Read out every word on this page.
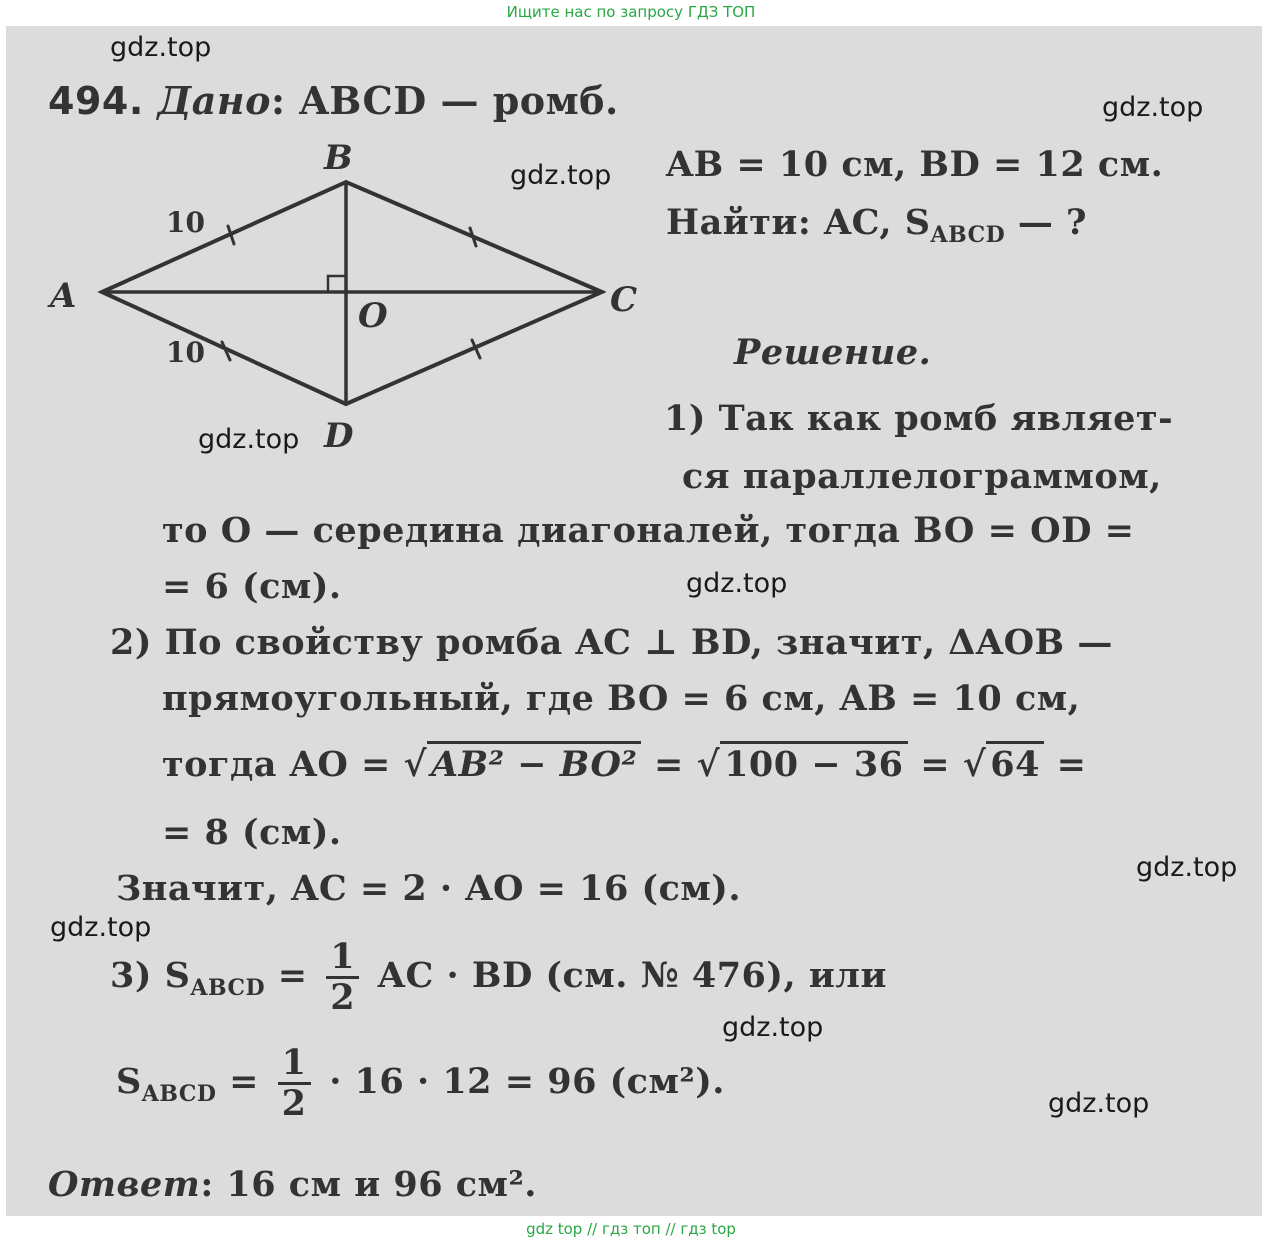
Ищите нас по запросу ГДЗ ТОП
gdz.top
gdz.top
gdz.top
gdz.top
gdz.top
gdz.top
gdz.top
gdz.top
gdz.top
494. Дано: ABCD — ромб.
B
A	C
O
D
10
10
AB = 10 см, BD = 12 см.
Найти: AC, $S_{ABCD}$ — ?
Решение.
1) Так как ромб являет-
ся параллелограммом,
то O — середина диагоналей, тогда BO = OD =
= 6 (см).
2) По свойству ромба AC ⊥ BD, значит, ΔAOB —
прямоугольный, где BO = 6 см, AB = 10 см,
тогда AO = √ AB² − BO² = √ 100 − 36 = √ 64 =
= 8 (см).
Значит, AC = 2 · AO = 16 (см).
3) $S_{ABCD} = \frac{1}{2}$ AC · BD (см. № 476), или
$S_{ABCD} = \frac{1}{2} \cdot 16 \cdot 12 = 96$ (см²).
Ответ: 16 см и 96 см².
gdz top // гдз топ // гдз top
